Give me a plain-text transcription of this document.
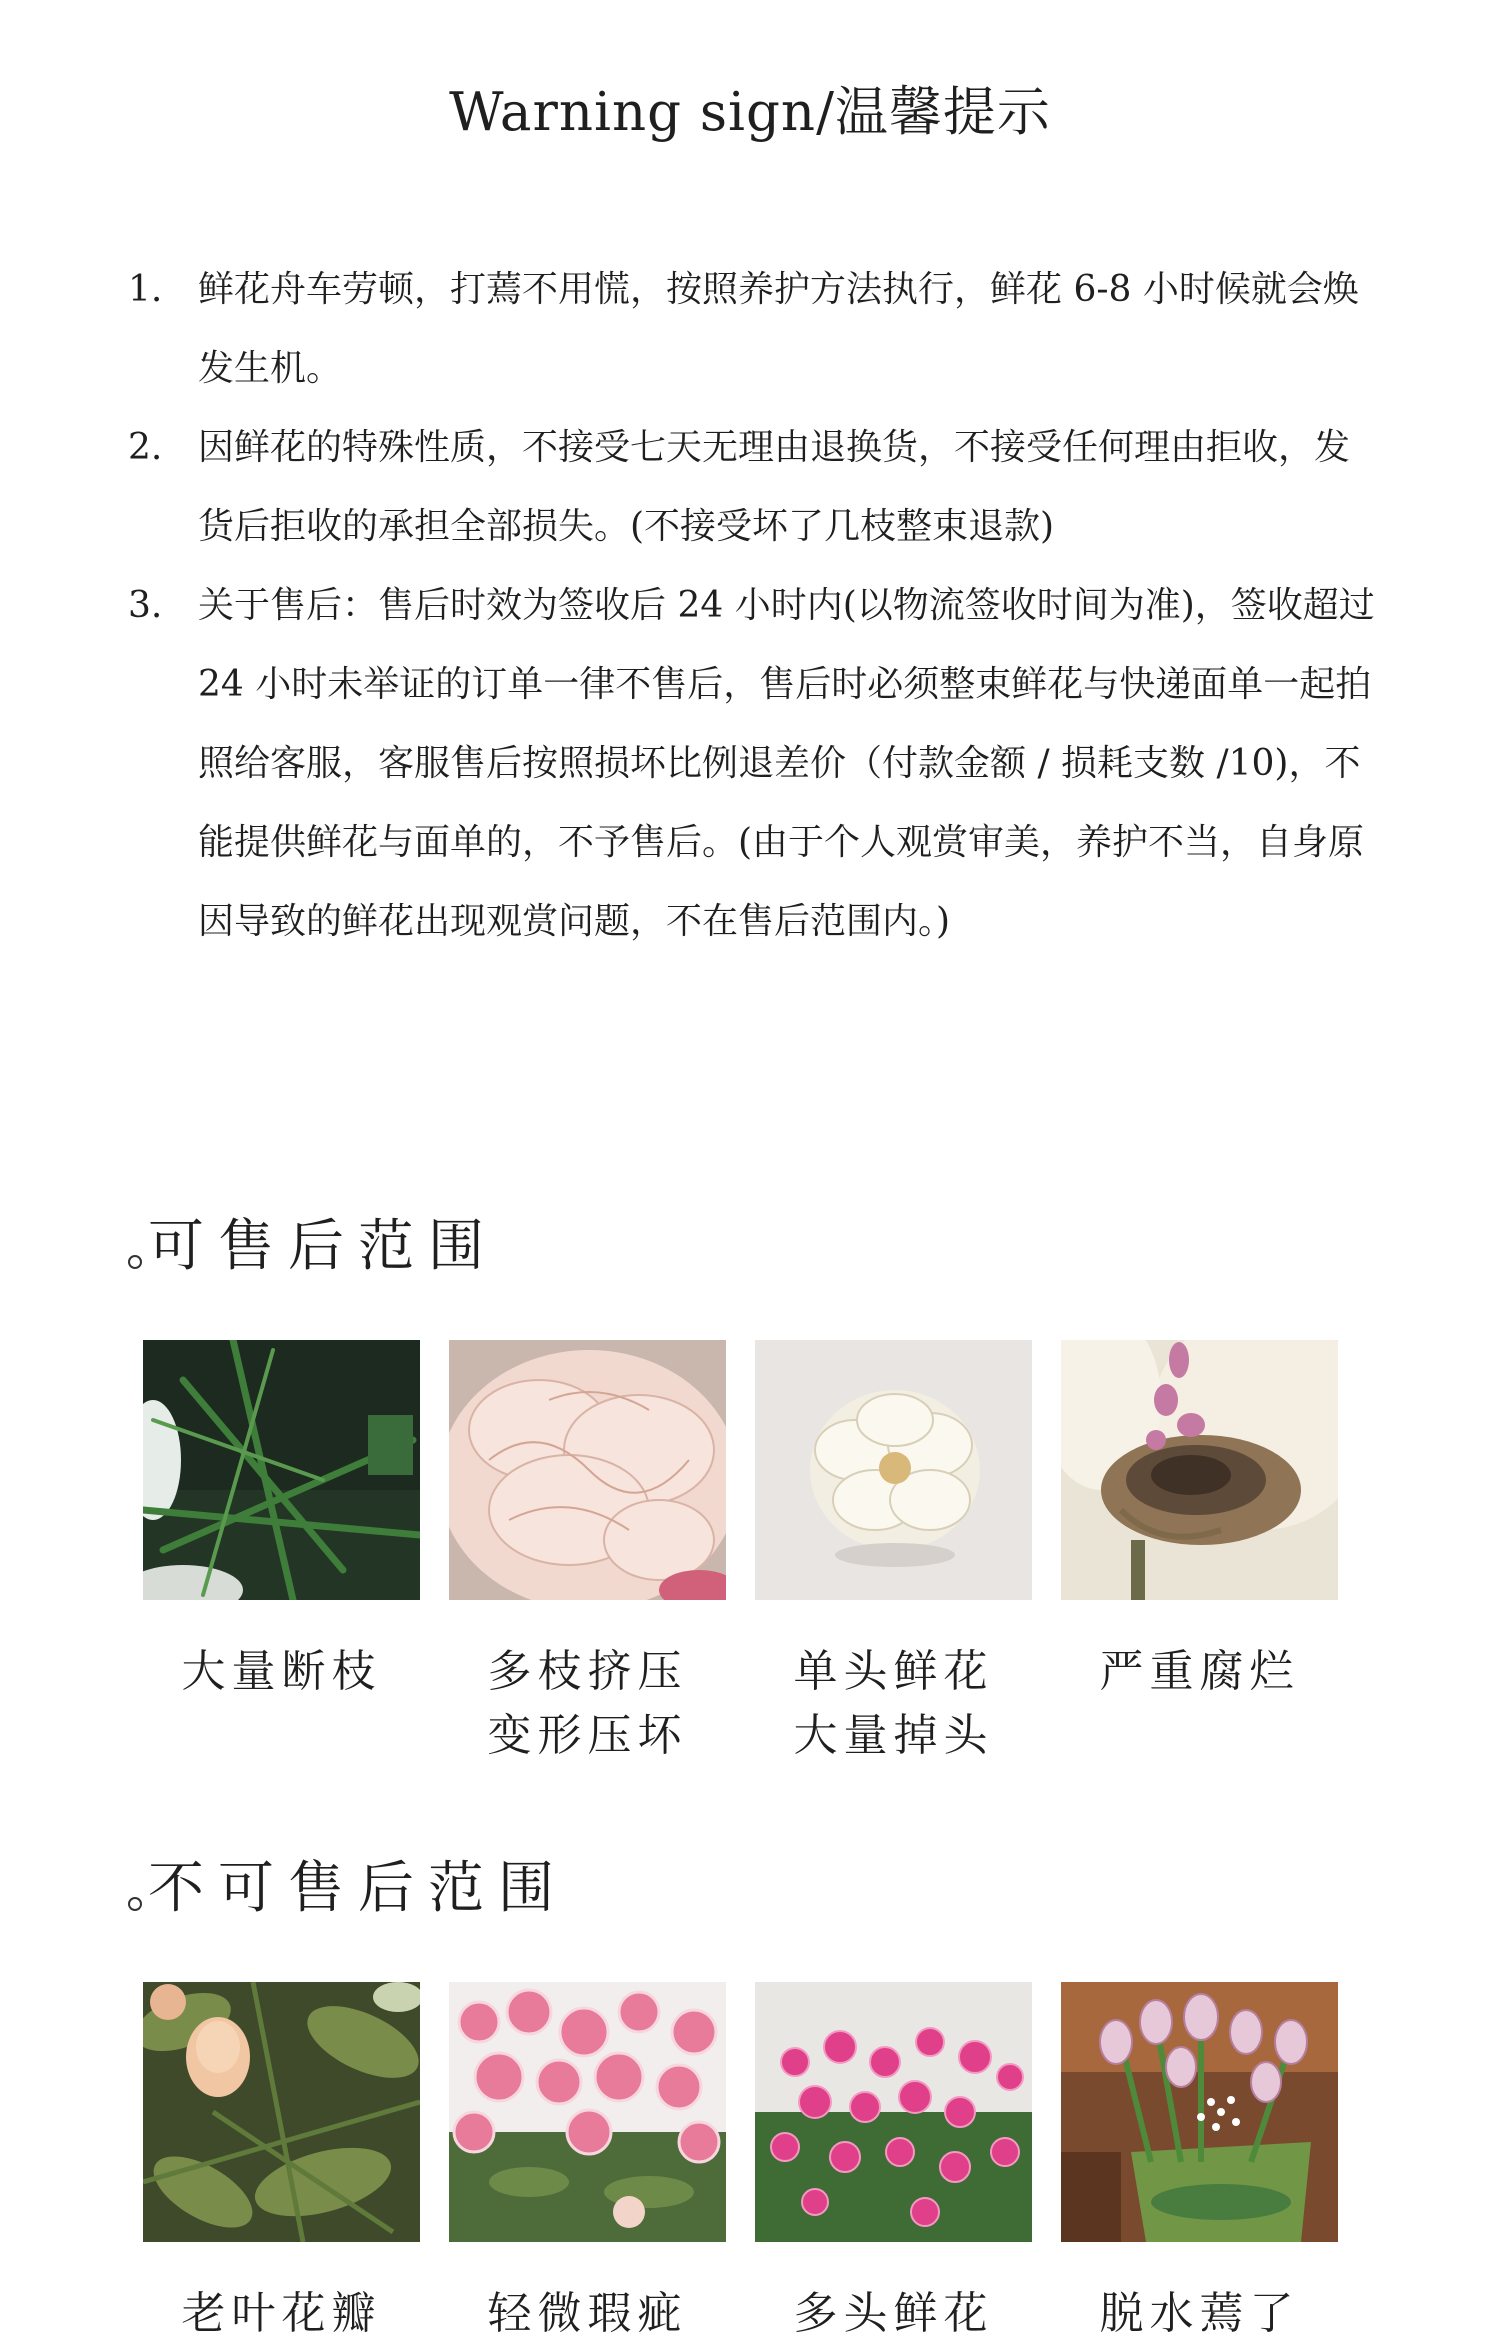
Warning sign/温馨提示
1. 鲜花舟车劳顿，打蔫不用慌，按照养护方法执行，鲜花 6-8 小时候就会焕发生机。
2. 因鲜花的特殊性质，不接受七天无理由退换货，不接受任何理由拒收，发货后拒收的承担全部损失。(不接受坏了几枝整束退款)
3. 关于售后：售后时效为签收后 24 小时内(以物流签收时间为准)，签收超过 24 小时未举证的订单一律不售后，售后时必须整束鲜花与快递面单一起拍照给客服，客服售后按照损坏比例退差价（付款金额 / 损耗支数 /10)，不能提供鲜花与面单的，不予售后。(由于个人观赏审美，养护不当，自身原因导致的鲜花出现观赏问题，不在售后范围内。)
可售后范围
大量断枝	多枝挤压
变形压坏
单头鲜花
大量掉头
严重腐烂
不可售后范围
老叶花瓣	轻微瑕疵	多头鲜花	脱水蔫了
